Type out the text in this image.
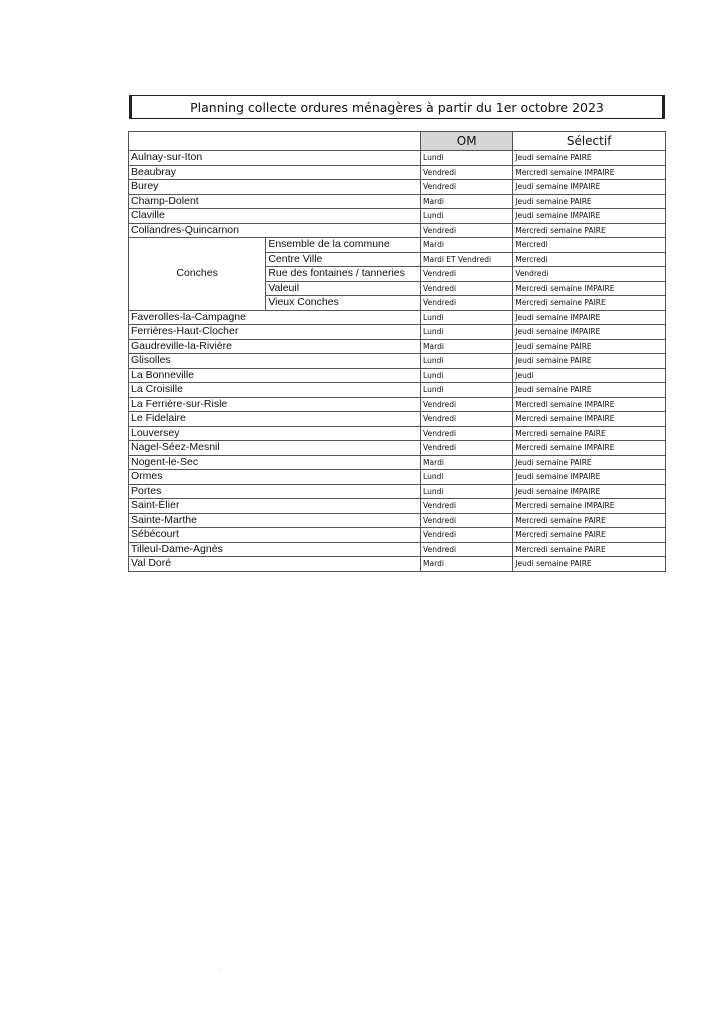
Planning collecte ordures ménagères à partir du 1er octobre 2023
		OM	Sélectif
Aulnay-sur-Iton		Lundi	Jeudi semaine PAIRE
Beaubray		Vendredi	Mercredi semaine IMPAIRE
Burey		Vendredi	Jeudi semaine IMPAIRE
Champ-Dolent		Mardi	Jeudi semaine PAIRE
Claville		Lundi	Jeudi semaine IMPAIRE
Collandres-Quincarnon		Vendredi	Mercredi semaine PAIRE
Conches	Ensemble de la commune	Mardi	Mercredi
	Centre Ville	Mardi ET Vendredi	Mercredi
	Rue des fontaines / tanneries	Vendredi	Vendredi
	Valeuil	Vendredi	Mercredi semaine IMPAIRE
	Vieux Conches	Vendredi	Mercredi semaine PAIRE
Faverolles-la-Campagne		Lundi	Jeudi semaine IMPAIRE
Ferrières-Haut-Clocher		Lundi	Jeudi semaine IMPAIRE
Gaudreville-la-Rivière		Mardi	Jeudi semaine PAIRE
Glisolles		Lundi	Jeudi semaine PAIRE
La Bonneville		Lundi	Jeudi
La Croisille		Lundi	Jeudi semaine PAIRE
La Ferrière-sur-Risle		Vendredi	Mercredi semaine IMPAIRE
Le Fidelaire		Vendredi	Mercredi semaine IMPAIRE
Louversey		Vendredi	Mercredi semaine PAIRE
Nagel-Séez-Mesnil		Vendredi	Mercredi semaine IMPAIRE
Nogent-le-Sec		Mardi	Jeudi semaine PAIRE
Ormes		Lundi	Jeudi semaine IMPAIRE
Portes		Lundi	Jeudi semaine IMPAIRE
Saint-Élier		Vendredi	Mercredi semaine IMPAIRE
Sainte-Marthe		Vendredi	Mercredi semaine PAIRE
Sébécourt		Vendredi	Mercredi semaine PAIRE
Tilleul-Dame-Agnès		Vendredi	Mercredi semaine PAIRE
Val Doré		Mardi	Jeudi semaine PAIRE
·
